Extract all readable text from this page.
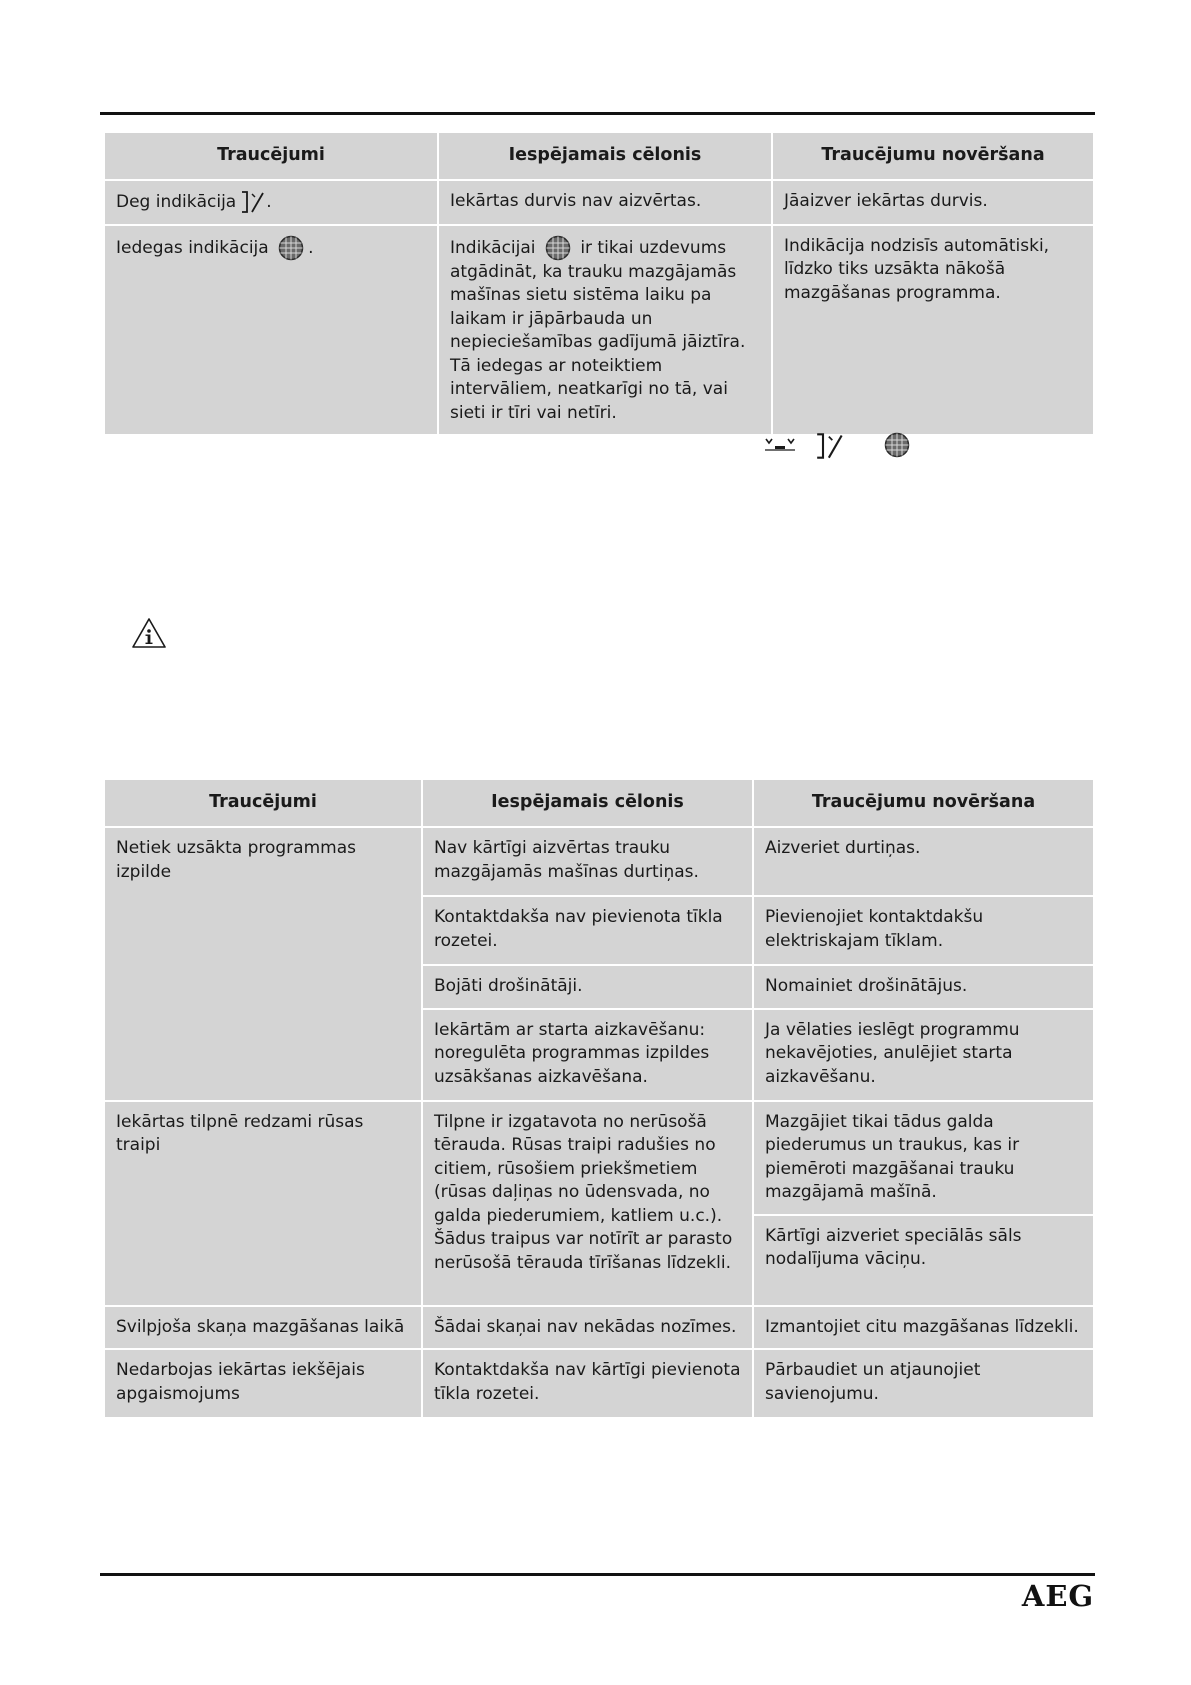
Traucējumi	Iespējamais cēlonis	Traucējumu novēršana
Deg indikācija .	Iekārtas durvis nav aizvērtas.	Jāaizver iekārtas durvis.
Iedegas indikācija .	Indikācijai ir tikai uzdevums atgādināt, ka trauku mazgājamās mašīnas sietu sistēma laiku pa laikam ir jāpārbauda un nepieciešamības gadījumā jāiztīra. Tā iedegas ar noteiktiem intervāliem, neatkarīgi no tā, vai sieti ir tīri vai netīri.	Indikācija nodzisīs automātiski, līdzko tiks uzsākta nākošā mazgāšanas programma.
Traucējumi	Iespējamais cēlonis	Traucējumu novēršana
Netiek uzsākta programmas izpilde	Nav kārtīgi aizvērtas trauku mazgājamās mašīnas durtiņas.	Aizveriet durtiņas.
	Kontaktdakša nav pievienota tīkla rozetei.	Pievienojiet kontaktdakšu elektriskajam tīklam.
	Bojāti drošinātāji.	Nomainiet drošinātājus.
	Iekārtām ar starta aizkavēšanu: noregulēta programmas izpildes uzsākšanas aizkavēšana.	Ja vēlaties ieslēgt programmu nekavējoties, anulējiet starta aizkavēšanu.
Iekārtas tilpnē redzami rūsas traipi	Tilpne ir izgatavota no nerūsošā tērauda. Rūsas traipi radušies no citiem, rūsošiem priekšmetiem (rūsas daļiņas no ūdensvada, no galda piederumiem, katliem u.c.). Šādus traipus var notīrīt ar parasto nerūsošā tērauda tīrīšanas līdzekli.	Mazgājiet tikai tādus galda piederumus un traukus, kas ir piemēroti mazgāšanai trauku mazgājamā mašīnā.
		Kārtīgi aizveriet speciālās sāls nodalījuma vāciņu.
Svilpjoša skaņa mazgāšanas laikā	Šādai skaņai nav nekādas nozīmes.	Izmantojiet citu mazgāšanas līdzekli.
Nedarbojas iekārtas iekšējais apgaismojums	Kontaktdakša nav kārtīgi pievienota tīkla rozetei.	Pārbaudiet un atjaunojiet savienojumu.
AEG
